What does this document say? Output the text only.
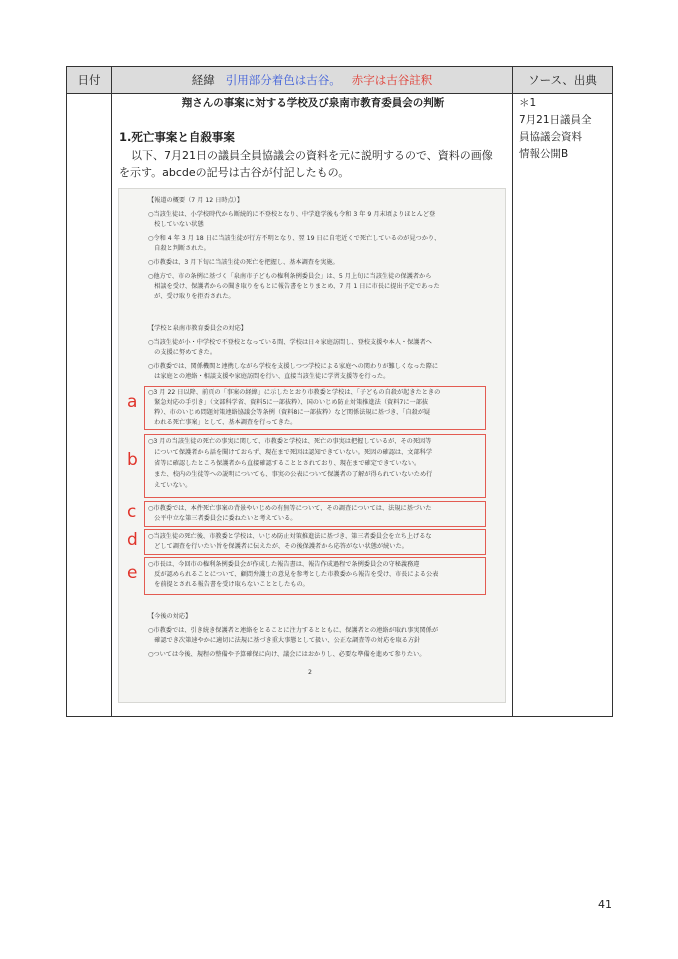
日付	経緯 引用部分着色は古谷。 赤字は古谷註釈	ソース、出典
翔さんの事案に対する学校及び泉南市教育委員会の判断
1.死亡事案と自殺事案
以下、7月21日の議員全員協議会の資料を元に説明するので、資料の画像
を示す。abcdeの記号は古谷が付記したもの。
＊1
7月21日議員全
員協議会資料
情報公開B
【報道の概要（7 月 12 日時点）】
○当該生徒は、小学校時代から断続的に不登校となり、中学進学後も令和 3 年 9 月末頃よりほとんど登
　校していない状態
○令和 4 年 3 月 18 日に当該生徒が行方不明となり、翌 19 日に自宅近くで死亡しているのが見つかり、
　自殺と判断された。
○市教委は、3 月下旬に当該生徒の死亡を把握し、基本調査を実施。
○他方で、市の条例に基づく「泉南市子どもの権利条例委員会」は、5 月上旬に当該生徒の保護者から
　相談を受け、保護者からの聞き取りをもとに報告書をとりまとめ、7 月 1 日に市長に提出予定であった
　が、受け取りを拒否された。
【学校と泉南市教育委員会の対応】
○当該生徒が小・中学校で不登校となっている間、学校は日々家庭訪問し、登校支援や本人・保護者へ
　の支援に努めてきた。
○市教委では、関係機関と連携しながら学校を支援しつつ学校による家庭への関わりが難しくなった際に
　は家庭との連絡・相談支援や家庭訪問を行い、直接当該生徒に学習支援等を行った。
a ○3 月 22 日以降、前頁の「事案の経緯」に示したとおり市教委と学校は、「子どもの自殺が起きたときの
　緊急対応の手引き」（文部科学省、資料5に一部抜粋）、国のいじめ防止対策推進法（資料7に一部抜
　粋）、市のいじめ問題対策連絡協議会等条例（資料8に一部抜粋）など関係法規に基づき、「自殺が疑
　われる死亡事案」として、基本調査を行ってきた。
b
○3 月の当該生徒の死亡の事実に関して、市教委と学校は、死亡の事実は把握しているが、その死因等
　について保護者から話を聞けておらず、現在まで死因は認知できていない。死因の確認は、文部科学
　省等に確認したところ保護者から直接確認することとされており、現在まで確定できていない。
　また、校内の生徒等への説明についても、事実の公表について保護者の了解が得られていないため行
　えていない。
c ○市教委では、本件死亡事案の背景やいじめの有無等について、その調査については、法規に基づいた
　公平中立な第三者委員会に委ねたいと考えている。
d ○当該生徒の死亡後、市教委と学校は、いじめ防止対策推進法に基づき、第三者委員会を立ち上げるな
　どして調査を行いたい旨を保護者に伝えたが、その後保護者から応答がない状態が続いた。
e ○市長は、今回市の権利条例委員会が作成した報告書は、報告作成過程で条例委員会の守秘義務違
　反が認められることについて、顧問弁護士の意見を参考とした市教委から報告を受け、市長による公表
　を前提とされる報告書を受け取らないこととしたもの。
【今後の対応】
○市教委では、引き続き保護者と連絡をとることに注力するとともに、保護者との連絡が取れ事実関係が
　確認でき次第速やかに適切に法規に基づき重大事態として扱い、公正な調査等の対応を取る方針
○ついては今後、規程の整備や予算確保に向け、議会にはおかりし、必要な準備を進めて参りたい。
2
41
